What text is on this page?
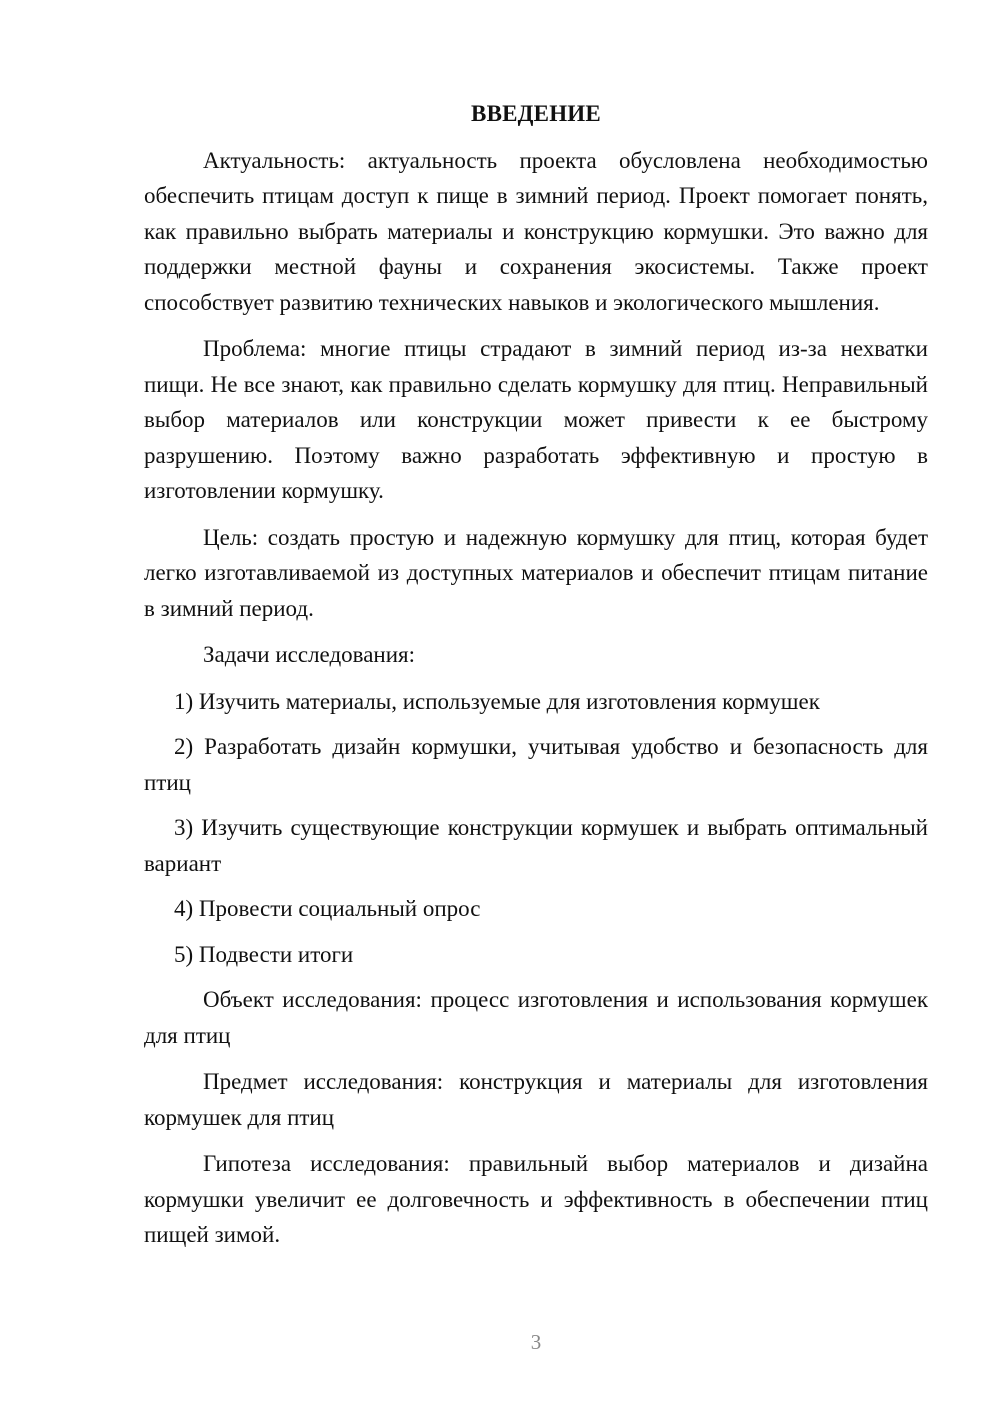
ВВЕДЕНИЕ

Актуальность: актуальность проекта обусловлена необходимостью обеспечить птицам доступ к пище в зимний период. Проект помогает понять, как правильно выбрать материалы и конструкцию кормушки. Это важно для поддержки местной фауны и сохранения экосистемы. Также проект способствует развитию технических навыков и экологического мышления.

Проблема: многие птицы страдают в зимний период из-за нехватки пищи. Не все знают, как правильно сделать кормушку для птиц. Неправильный выбор материалов или конструкции может привести к ее быстрому разрушению. Поэтому важно разработать эффективную и простую в изготовлении кормушку.

Цель: создать простую и надежную кормушку для птиц, которая будет легко изготавливаемой из доступных материалов и обеспечит птицам питание в зимний период.

Задачи исследования:

1) Изучить материалы, используемые для изготовления кормушек

2) Разработать дизайн кормушки, учитывая удобство и безопасность для птиц

3) Изучить существующие конструкции кормушек и выбрать оптимальный вариант

4) Провести социальный опрос

5) Подвести итоги

Объект исследования: процесс изготовления и использования кормушек для птиц

Предмет исследования: конструкция и материалы для изготовления кормушек для птиц

Гипотеза исследования: правильный выбор материалов и дизайна кормушки увеличит ее долговечность и эффективность в обеспечении птиц пищей зимой.

3
